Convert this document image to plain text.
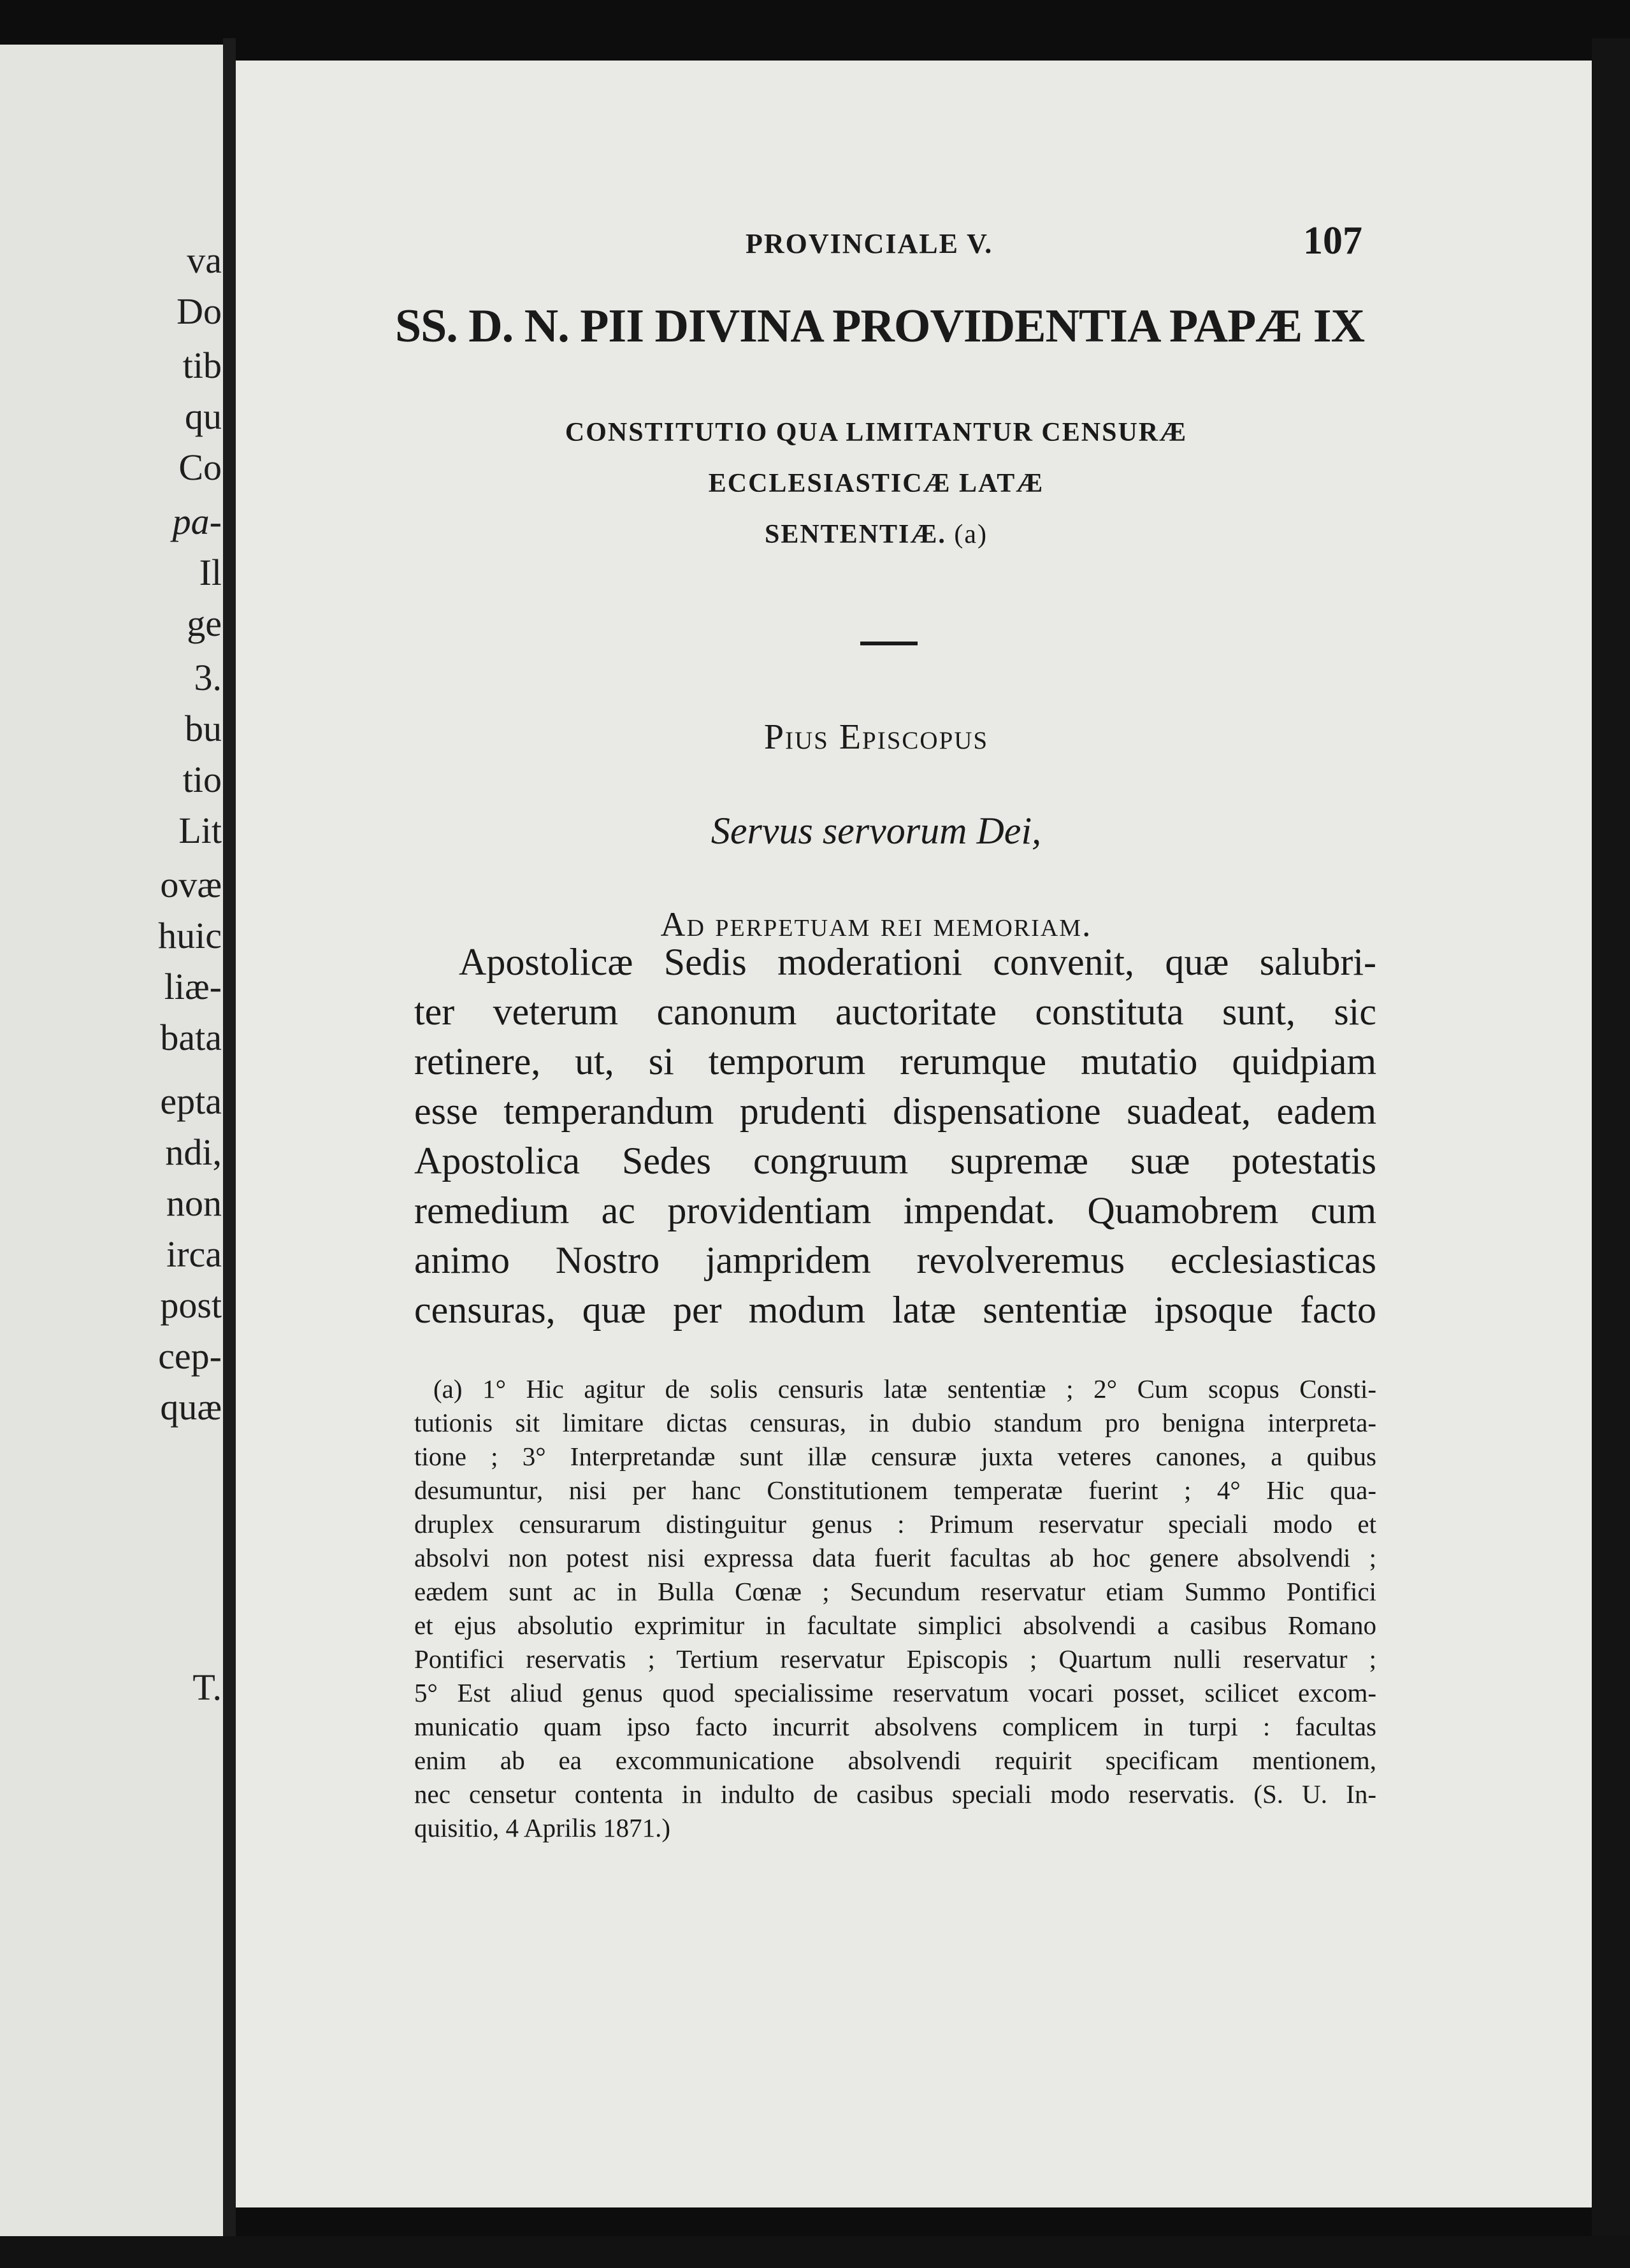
va
Do
tib
qu
Co
pa-
Il
ge
3.
bu
tio
Lit
ovæ
huic
liæ-
bata
epta
ndi,
non
irca
post
cep-
quæ
T.
PROVINCIALE V.	107
SS. D. N. PII DIVINA PROVIDENTIA PAPÆ IX
CONSTITUTIO QUA LIMITANTUR CENSURÆ
ECCLESIASTICÆ LATÆ
SENTENTIÆ. (a)
Pius Episcopus
Servus servorum Dei,
Ad perpetuam rei memoriam.
Apostolicæ Sedis moderationi convenit, quæ salubri-
ter veterum canonum auctoritate constituta sunt, sic
retinere, ut, si temporum rerumque mutatio quidpiam
esse temperandum prudenti dispensatione suadeat, eadem
Apostolica Sedes congruum supremæ suæ potestatis
remedium ac providentiam impendat. Quamobrem cum
animo Nostro jampridem revolveremus ecclesiasticas
censuras, quæ per modum latæ sententiæ ipsoque facto
(a) 1° Hic agitur de solis censuris latæ sententiæ ; 2° Cum scopus Consti-
tutionis sit limitare dictas censuras, in dubio standum pro benigna interpreta-
tione ; 3° Interpretandæ sunt illæ censuræ juxta veteres canones, a quibus
desumuntur, nisi per hanc Constitutionem temperatæ fuerint ; 4° Hic qua-
druplex censurarum distinguitur genus : Primum reservatur speciali modo et
absolvi non potest nisi expressa data fuerit facultas ab hoc genere absolvendi ;
eædem sunt ac in Bulla Cœnæ ; Secundum reservatur etiam Summo Pontifici
et ejus absolutio exprimitur in facultate simplici absolvendi a casibus Romano
Pontifici reservatis ; Tertium reservatur Episcopis ; Quartum nulli reservatur ;
5° Est aliud genus quod specialissime reservatum vocari posset, scilicet excom-
municatio quam ipso facto incurrit absolvens complicem in turpi : facultas
enim ab ea excommunicatione absolvendi requirit specificam mentionem,
nec censetur contenta in indulto de casibus speciali modo reservatis. (S. U. In-
quisitio, 4 Aprilis 1871.)
